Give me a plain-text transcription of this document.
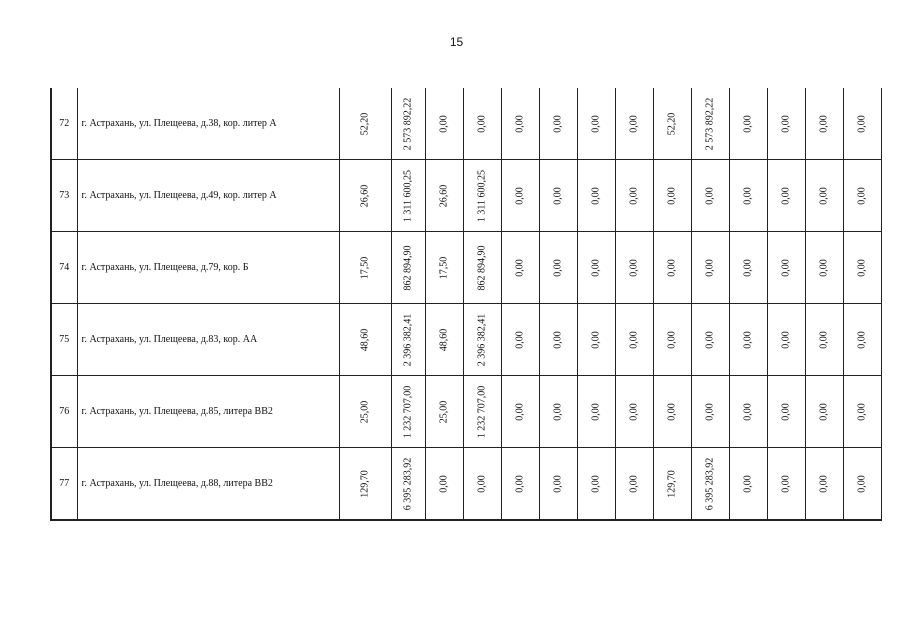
15
72	г. Астрахань, ул. Плещеева, д.38, кор. литер А	52,20	2 573 892,22	0,00	0,00	0,00	0,00	0,00	0,00	52,20	2 573 892,22	0,00	0,00	0,00	0,00

73	г. Астрахань, ул. Плещеева, д.49, кор. литер А	26,60	1 311 600,25	26,60	1 311 600,25	0,00	0,00	0,00	0,00	0,00	0,00	0,00	0,00	0,00	0,00

74	г. Астрахань, ул. Плещеева, д.79, кор. Б	17,50	862 894,90	17,50	862 894,90	0,00	0,00	0,00	0,00	0,00	0,00	0,00	0,00	0,00	0,00

75	г. Астрахань, ул. Плещеева, д.83, кор. АА	48,60	2 396 382,41	48,60	2 396 382,41	0,00	0,00	0,00	0,00	0,00	0,00	0,00	0,00	0,00	0,00

76	г. Астрахань, ул. Плещеева, д.85, литера ВВ2	25,00	1 232 707,00	25,00	1 232 707,00	0,00	0,00	0,00	0,00	0,00	0,00	0,00	0,00	0,00	0,00

77	г. Астрахань, ул. Плещеева, д.88, литера ВВ2	129,70	6 395 283,92	0,00	0,00	0,00	0,00	0,00	0,00	129,70	6 395 283,92	0,00	0,00	0,00	0,00
